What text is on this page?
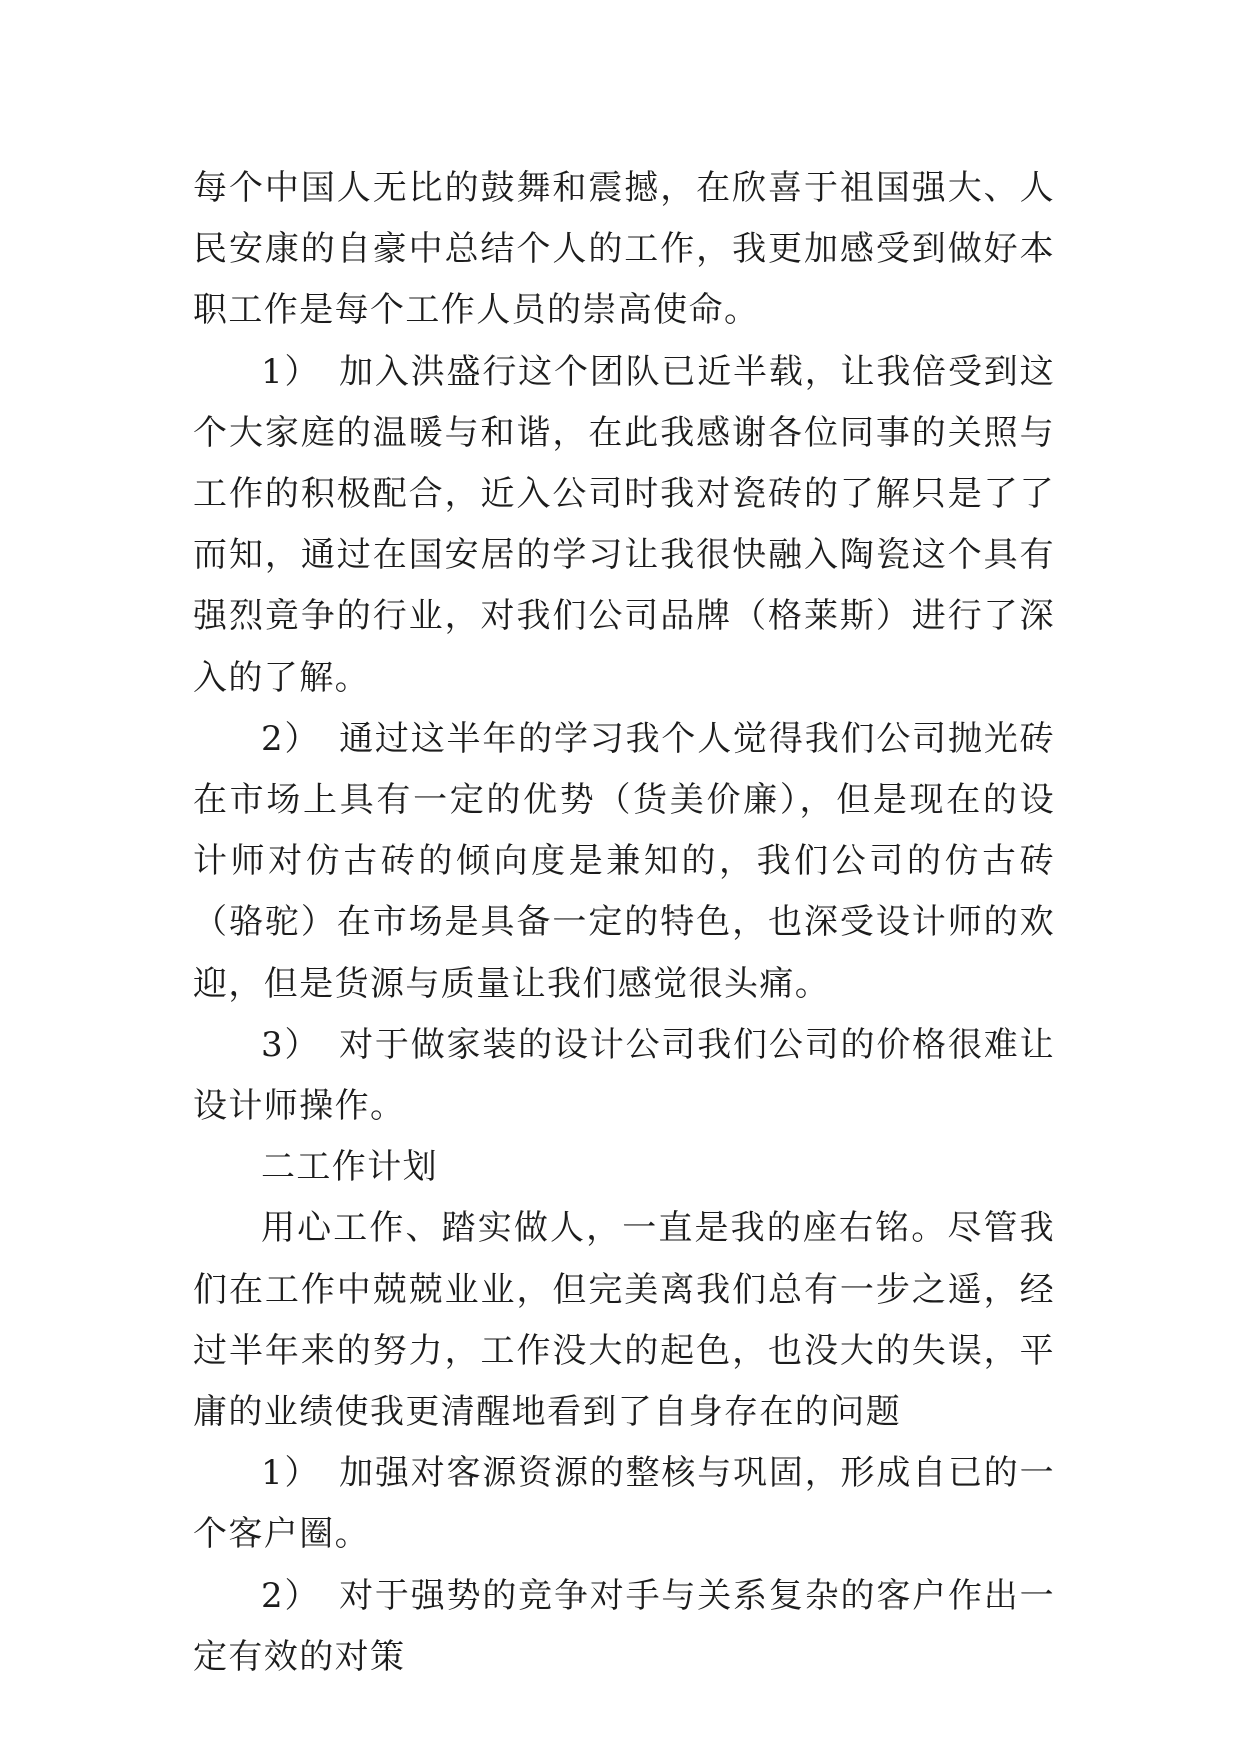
每个中国人无比的鼓舞和震撼，在欣喜于祖国强大、人民安康的自豪中总结个人的工作，我更加感受到做好本职工作是每个工作人员的崇高使命。

1）　加入洪盛行这个团队已近半载，让我倍受到这个大家庭的温暖与和谐，在此我感谢各位同事的关照与工作的积极配合，近入公司时我对瓷砖的了解只是了了而知，通过在国安居的学习让我很快融入陶瓷这个具有强烈竟争的行业，对我们公司品牌（格莱斯）进行了深入的了解。

2）　通过这半年的学习我个人觉得我们公司抛光砖在市场上具有一定的优势（货美价廉），但是现在的设计师对仿古砖的倾向度是兼知的，我们公司的仿古砖（骆驼）在市场是具备一定的特色，也深受设计师的欢迎，但是货源与质量让我们感觉很头痛。

3）　对于做家装的设计公司我们公司的价格很难让设计师操作。

二工作计划

用心工作、踏实做人，一直是我的座右铭。尽管我们在工作中兢兢业业，但完美离我们总有一步之遥，经过半年来的努力，工作没大的起色，也没大的失误，平庸的业绩使我更清醒地看到了自身存在的问题

1）　加强对客源资源的整核与巩固，形成自已的一个客户圈。

2）　对于强势的竞争对手与关系复杂的客户作出一定有效的对策
